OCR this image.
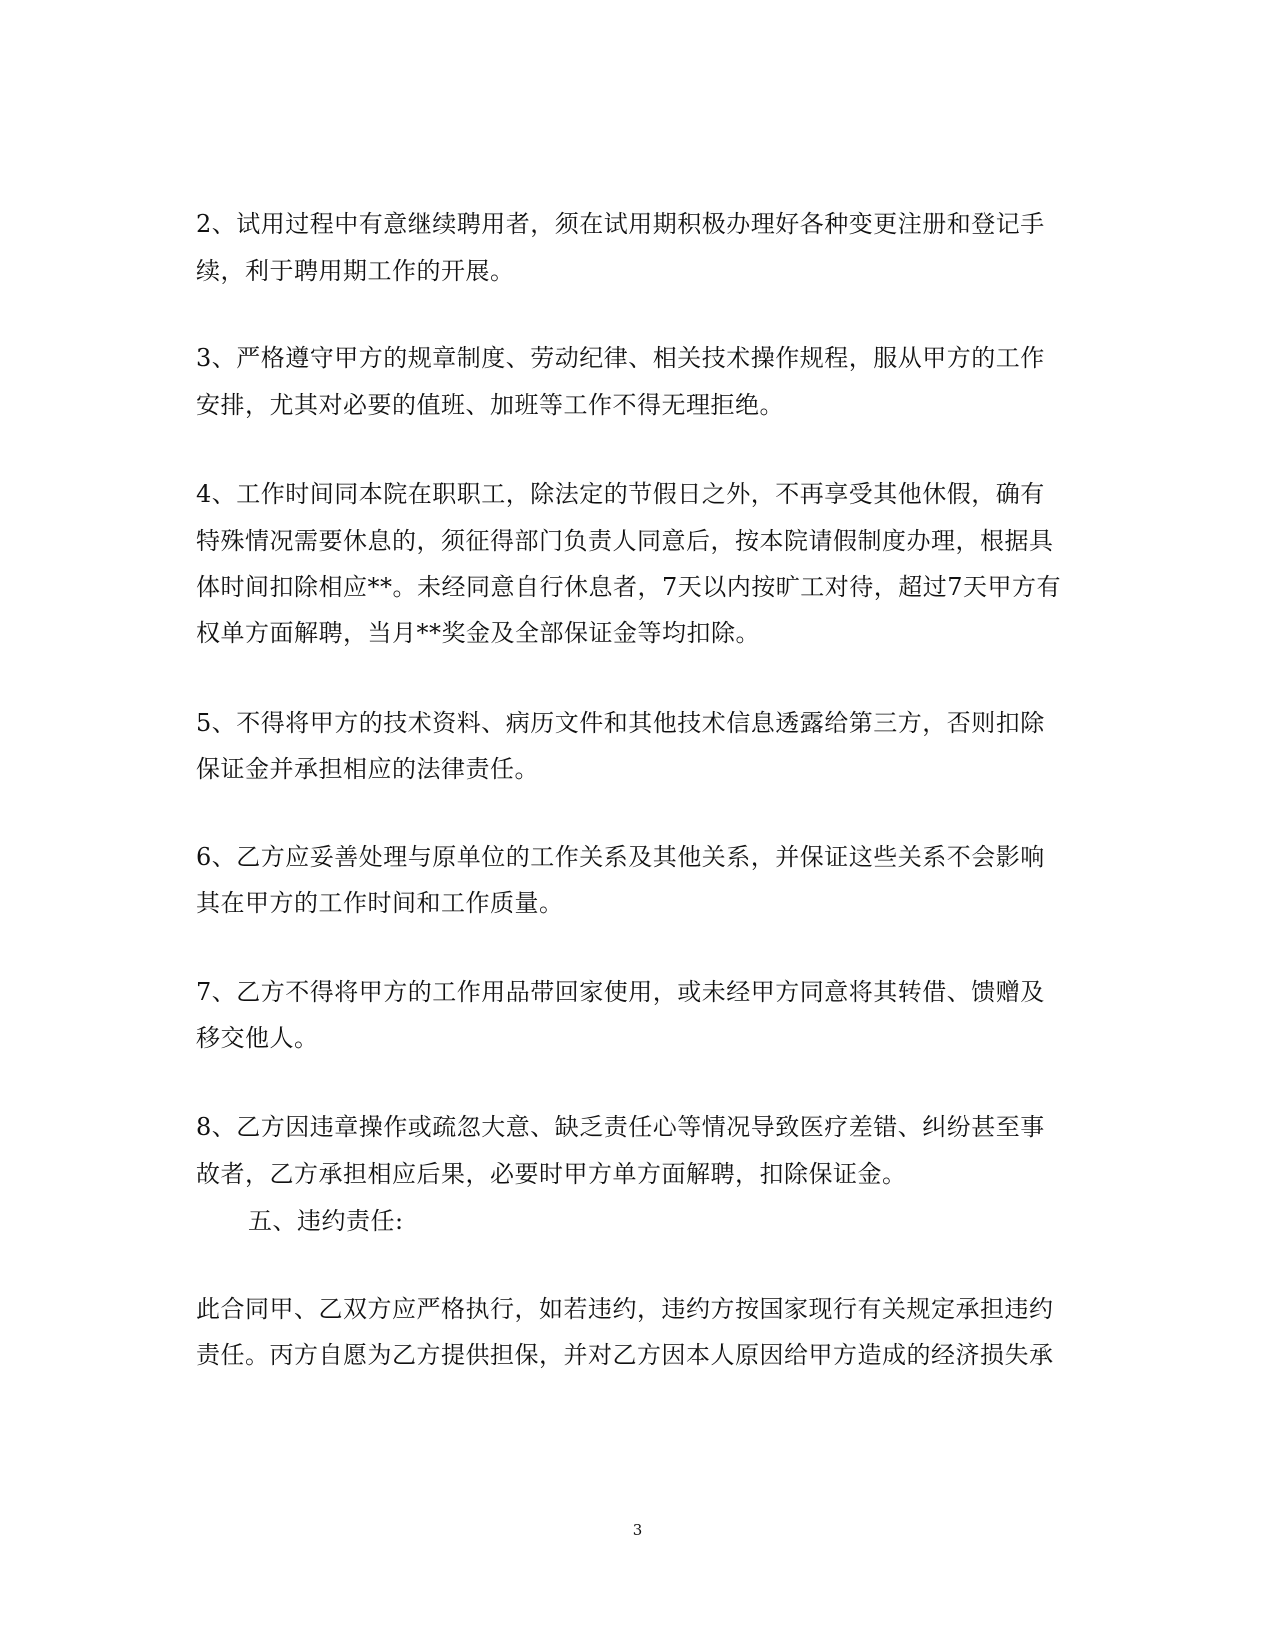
2、试用过程中有意继续聘用者，须在试用期积极办理好各种变更注册和登记手
续，利于聘用期工作的开展。
3、严格遵守甲方的规章制度、劳动纪律、相关技术操作规程，服从甲方的工作
安排，尤其对必要的值班、加班等工作不得无理拒绝。
4、工作时间同本院在职职工，除法定的节假日之外，不再享受其他休假，确有
特殊情况需要休息的，须征得部门负责人同意后，按本院请假制度办理，根据具
体时间扣除相应**。未经同意自行休息者，7天以内按旷工对待，超过7天甲方有
权单方面解聘，当月**奖金及全部保证金等均扣除。
5、不得将甲方的技术资料、病历文件和其他技术信息透露给第三方，否则扣除
保证金并承担相应的法律责任。
6、乙方应妥善处理与原单位的工作关系及其他关系，并保证这些关系不会影响
其在甲方的工作时间和工作质量。
7、乙方不得将甲方的工作用品带回家使用，或未经甲方同意将其转借、馈赠及
移交他人。
8、乙方因违章操作或疏忽大意、缺乏责任心等情况导致医疗差错、纠纷甚至事
故者，乙方承担相应后果，必要时甲方单方面解聘，扣除保证金。
五、违约责任:
此合同甲、乙双方应严格执行，如若违约，违约方按国家现行有关规定承担违约
责任。丙方自愿为乙方提供担保，并对乙方因本人原因给甲方造成的经济损失承
3
